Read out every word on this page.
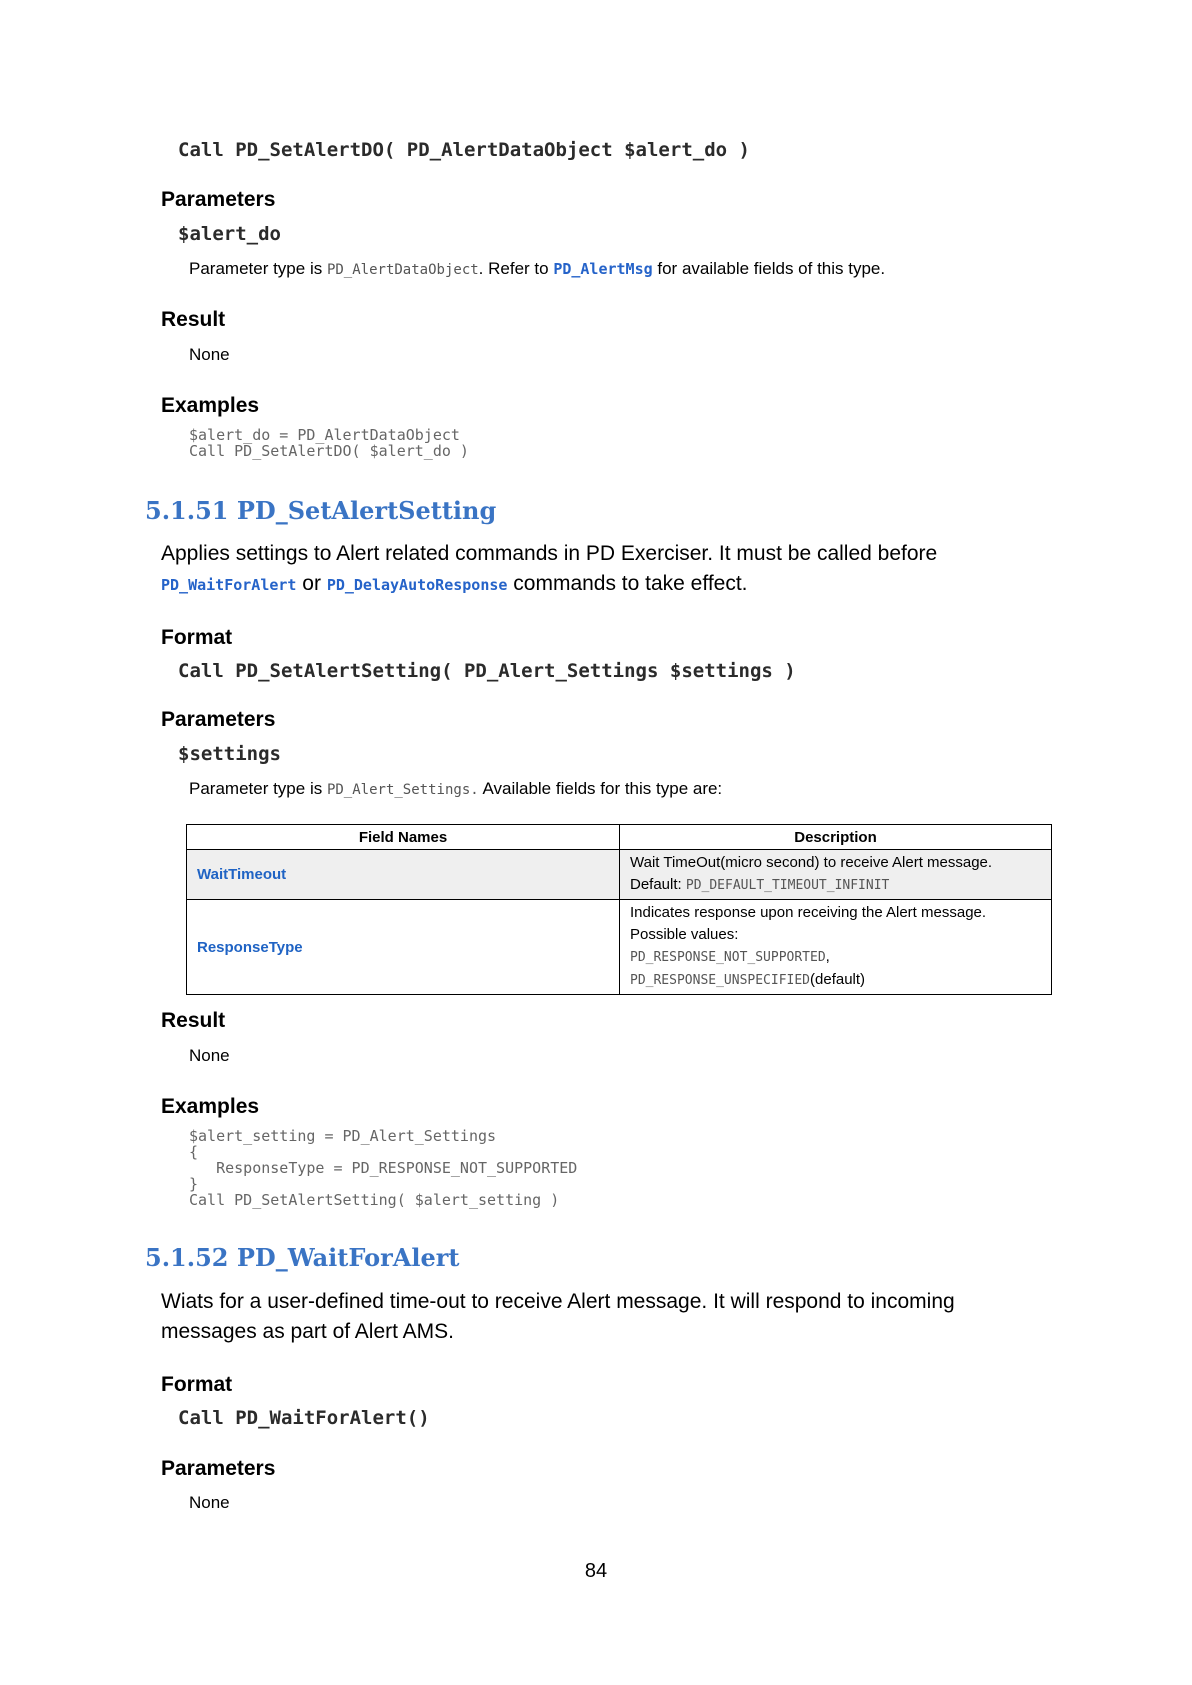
Call PD_SetAlertDO( PD_AlertDataObject $alert_do )
Parameters
$alert_do
Parameter type is PD_AlertDataObject. Refer to PD_AlertMsg for available fields of this type.
Result
None
Examples
$alert_do = PD_AlertDataObject
Call PD_SetAlertDO( $alert_do )
5.1.51 PD_SetAlertSetting
Applies settings to Alert related commands in PD Exerciser. It must be called before
PD_WaitForAlert or PD_DelayAutoResponse commands to take effect.
Format
Call PD_SetAlertSetting( PD_Alert_Settings $settings )
Parameters
$settings
Parameter type is PD_Alert_Settings. Available fields for this type are:
Field Names	Description
WaitTimeout	Wait TimeOut(micro second) to receive Alert message.
Default: PD_DEFAULT_TIMEOUT_INFINIT

ResponseType	Indicates response upon receiving the Alert message.
Possible values:
PD_RESPONSE_NOT_SUPPORTED,
PD_RESPONSE_UNSPECIFIED(default)
Result
None
Examples
$alert_setting = PD_Alert_Settings
{
ResponseType = PD_RESPONSE_NOT_SUPPORTED
}
Call PD_SetAlertSetting( $alert_setting )
5.1.52 PD_WaitForAlert
Wiats for a user-defined time-out to receive Alert message. It will respond to incoming
messages as part of Alert AMS.
Format
Call PD_WaitForAlert()
Parameters
None
84
